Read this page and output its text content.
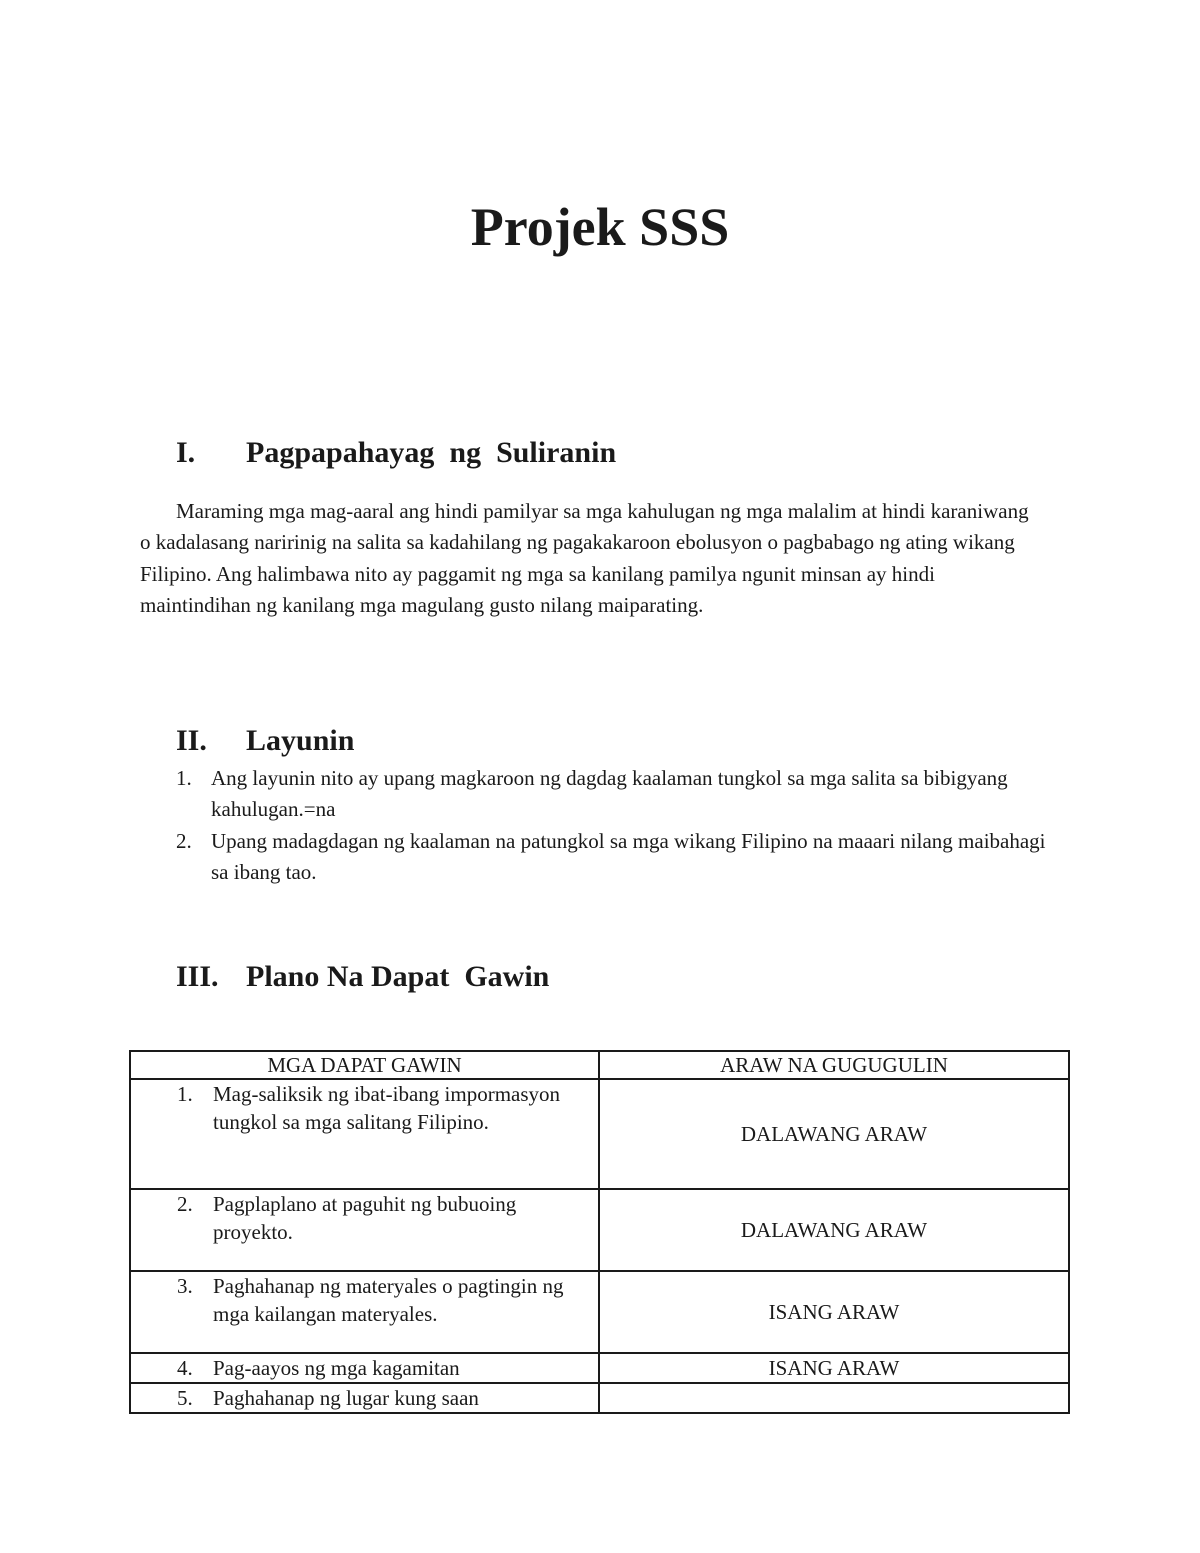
Projek SSS
I. Pagpapahayag  ng  Suliranin

Maraming mga mag-aaral ang hindi pamilyar sa mga kahulugan ng mga malalim at hindi karaniwang o kadalasang naririnig na salita sa kadahilang ng pagakakaroon ebolusyon o pagbabago ng ating wikang Filipino. Ang halimbawa nito ay paggamit ng mga sa kanilang pamilya ngunit minsan ay hindi maintindihan ng kanilang mga magulang gusto nilang maiparating.

II. Layunin
1. Ang layunin nito ay upang magkaroon ng dagdag kaalaman tungkol sa mga salita sa bibigyang kahulugan.=na
2. Upang madagdagan ng kaalaman na patungkol sa mga wikang Filipino na maaari nilang maibahagi sa ibang tao.
III. Plano Na Dapat  Gawin
MGA DAPAT GAWIN	ARAW NA GUGUGULIN

1. Mag-saliksik ng ibat-ibang impormasyon tungkol sa mga salitang Filipino.	DALAWANG ARAW

2. Pagplaplano at paguhit ng bubuoing proyekto.	DALAWANG ARAW

3. Paghahanap ng materyales o pagtingin ng mga kailangan materyales.	ISANG ARAW

4. Pag-aayos ng mga kagamitan	ISANG ARAW

5. Paghahanap ng lugar kung saan	
